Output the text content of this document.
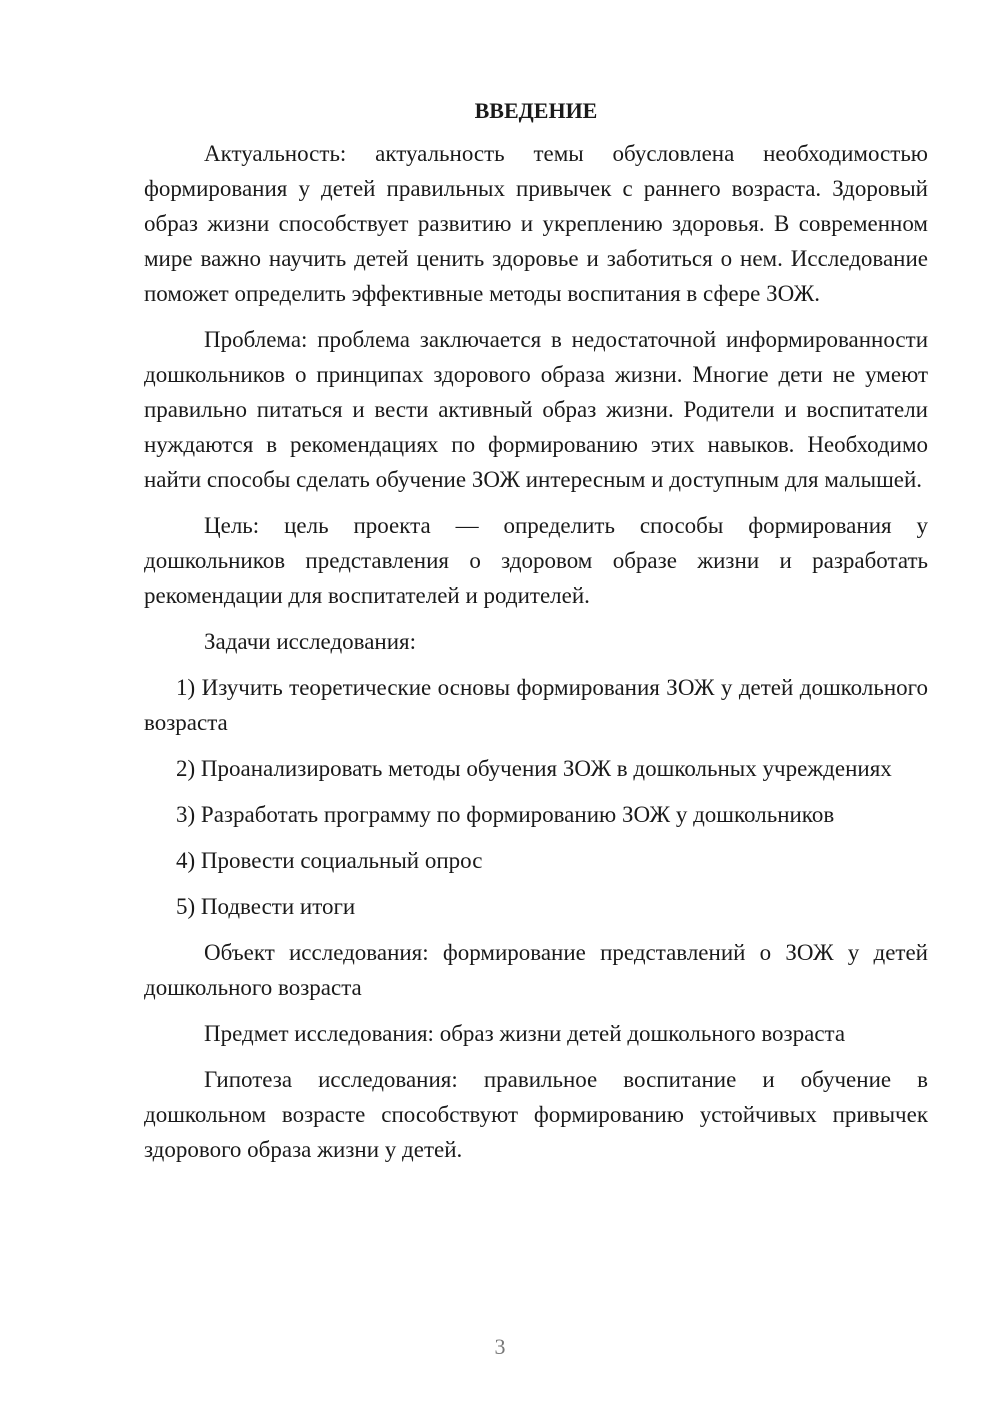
ВВЕДЕНИЕ

Актуальность: актуальность темы обусловлена необходимостью формирования у детей правильных привычек с раннего возраста. Здоровый образ жизни способствует развитию и укреплению здоровья. В современном мире важно научить детей ценить здоровье и заботиться о нем. Исследование поможет определить эффективные методы воспитания в сфере ЗОЖ.

Проблема: проблема заключается в недостаточной информированности дошкольников о принципах здорового образа жизни. Многие дети не умеют правильно питаться и вести активный образ жизни. Родители и воспитатели нуждаются в рекомендациях по формированию этих навыков. Необходимо найти способы сделать обучение ЗОЖ интересным и доступным для малышей.

Цель: цель проекта — определить способы формирования у дошкольников представления о здоровом образе жизни и разработать рекомендации для воспитателей и родителей.

Задачи исследования:

1) Изучить теоретические основы формирования ЗОЖ у детей дошкольного возраста

2) Проанализировать методы обучения ЗОЖ в дошкольных учреждениях

3) Разработать программу по формированию ЗОЖ у дошкольников

4) Провести социальный опрос

5) Подвести итоги

Объект исследования: формирование представлений о ЗОЖ у детей дошкольного возраста

Предмет исследования: образ жизни детей дошкольного возраста

Гипотеза исследования: правильное воспитание и обучение в дошкольном возрасте способствуют формированию устойчивых привычек здорового образа жизни у детей.

3
